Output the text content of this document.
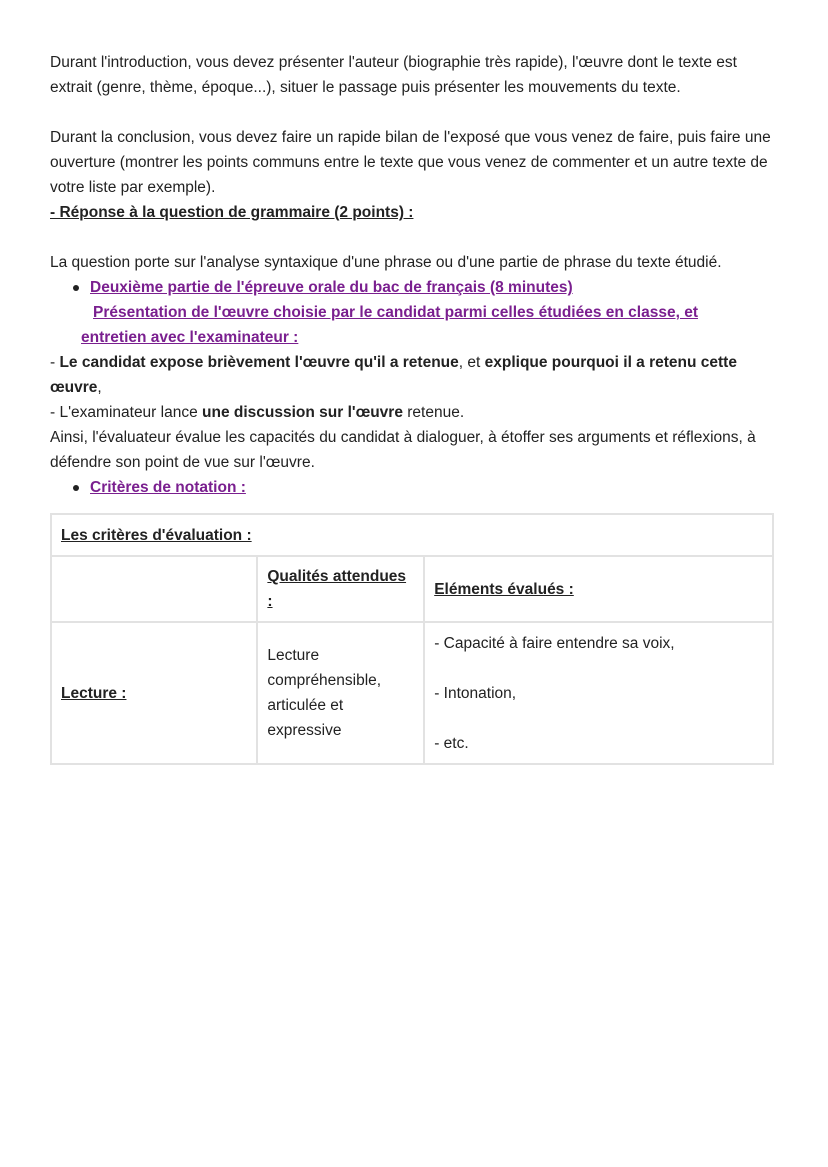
Durant l'introduction, vous devez présenter l'auteur (biographie très rapide), l'œuvre dont le texte est extrait (genre, thème, époque...), situer le passage puis présenter les mouvements du texte.

Durant la conclusion, vous devez faire un rapide bilan de l'exposé que vous venez de faire, puis faire une ouverture (montrer les points communs entre le texte que vous venez de commenter et un autre texte de votre liste par exemple).

- Réponse à la question de grammaire (2 points) :

La question porte sur l'analyse syntaxique d'une phrase ou d'une partie de phrase du texte étudié.

Deuxième partie de l'épreuve orale du bac de français (8 minutes)

Présentation de l'œuvre choisie par le candidat parmi celles étudiées en classe, et

entretien avec l'examinateur :

- Le candidat expose brièvement l'œuvre qu'il a retenue, et explique pourquoi il a retenu cette œuvre,

- L'examinateur lance une discussion sur l'œuvre retenue.

Ainsi, l'évaluateur évalue les capacités du candidat à dialoguer, à étoffer ses arguments et réflexions, à défendre son point de vue sur l'œuvre.

Critères de notation :
Les critères d'évaluation :		
	Qualités attendues :	Eléments évalués :
Lecture :	Lecture compréhensible, articulée et expressive	- Capacité à faire entendre sa voix,

- Intonation,

- etc.
